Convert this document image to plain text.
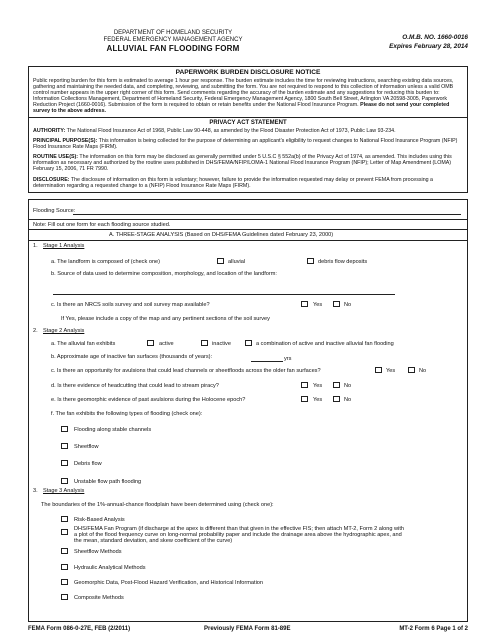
DEPARTMENT OF HOMELAND SECURITY
FEDERAL EMERGENCY MANAGEMENT AGENCY
ALLUVIAL FAN FLOODING FORM
O.M.B. NO. 1660-0016
Expires February 28, 2014
PAPERWORK BURDEN DISCLOSURE NOTICE

Public reporting burden for this form is estimated to average 1 hour per response. The burden estimate includes the time for reviewing instructions, searching existing data sources, gathering and maintaining the needed data, and completing, reviewing, and submitting the form. You are not required to respond to this collection of information unless a valid OMB control number appears in the upper right corner of this form. Send comments regarding the accuracy of the burden estimate and any suggestions for reducing this burden to: Information Collections Management, Department of Homeland Security, Federal Emergency Management Agency, 1800 South Bell Street, Arlington VA 20598-3005, Paperwork Reduction Project (1660-0016). Submission of the form is required to obtain or retain benefits under the National Flood Insurance Program. Please do not send your completed survey to the above address.

PRIVACY ACT STATEMENT

AUTHORITY: The National Flood Insurance Act of 1968, Public Law 90-448, as amended by the Flood Disaster Protection Act of 1973, Public Law 93-234.

PRINCIPAL PURPOSE(S): This information is being collected for the purpose of determining an applicant's eligibility to request changes to National Flood Insurance Program (NFIP) Flood Insurance Rate Maps (FIRM).

ROUTINE USE(S): The information on this form may be disclosed as generally permitted under 5 U.S.C § 552a(b) of the Privacy Act of 1974, as amended. This includes using this information as necessary and authorized by the routine uses published in DHS/FEMA/NFIP/LOMA-1 National Flood Insurance Program (NFIP); Letter of Map Amendment (LOMA) February 15, 2006, 71 FR 7990.

DISCLOSURE: The disclosure of information on this form is voluntary; however, failure to provide the information requested may delay or prevent FEMA from processing a determination regarding a requested change to a (NFIP) Flood Insurance Rate Maps (FIRM).

Flooding Source:
Note: Fill out one form for each flooding source studied.
A. THREE-STAGE ANALYSIS (Based on DHS/FEMA Guidelines dated February 23, 2000)
1. Stage 1 Analysis
a. The landform is composed of (check one)	alluvial	debris flow deposits
b. Source of data used to determine composition, morphology, and location of the landform:
c. Is there an NRCS soils survey and soil survey map available?	Yes	No
If Yes, please include a copy of the map and any pertinent sections of the soil survey
2. Stage 2 Analysis
a. The alluvial fan exhibits	active	inactive	a combination of active and inactive alluvial fan flooding
b. Approximate age of inactive fan surfaces (thousands of years):	yrs
c. Is there an opportunity for avulsions that could lead channels or sheetfloods across the older fan surfaces?	Yes	No
d. Is there evidence of headcutting that could lead to stream piracy?	Yes	No
e. Is there geomorphic evidence of past avulsions during the Holocene epoch?	Yes	No
f. The fan exhibits the following types of flooding (check one):
Flooding along stable channels
Sheetflow
Debris flow
Unstable flow path flooding
3. Stage 3 Analysis
The boundaries of the 1%-annual-chance floodplain have been determined using (check one):
Risk-Based Analysis
DHS/FEMA Fan Program (if discharge at the apex is different than that given in the effective FIS; then attach MT-2, Form 2 along with
a plot of the flood frequency curve on long-normal probability paper and include the drainage area above the hydrographic apex, and
the mean, standard deviation, and skew coefficient of the curve)
Sheetflow Methods
Hydraulic Analytical Methods
Geomorphic Data, Post-Flood Hazard Verification, and Historical Information
Composite Methods
FEMA Form 086-0-27E, FEB (2/2011)	Previously FEMA Form 81-89E	MT-2 Form 6 Page 1 of 2
